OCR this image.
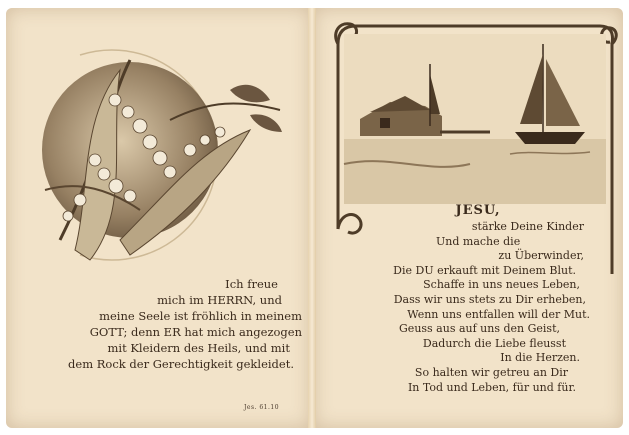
Ich freue
mich im HERRN, und
meine Seele ist fröhlich in meinem
GOTT; denn ER hat mich angezogen
mit Kleidern des Heils, und mit
dem Rock der Gerechtigkeit gekleidet.
Jes. 61.10
JESU,
stärke Deine Kinder
Und mache die
zu Überwinder,
Die DU erkauft mit Deinem Blut.
Schaffe in uns neues Leben,
Dass wir uns stets zu Dir erheben,
Wenn uns entfallen will der Mut.
Geuss aus auf uns den Geist,
Dadurch die Liebe fleusst
In die Herzen.
So halten wir getreu an Dir
In Tod und Leben, für und für.
